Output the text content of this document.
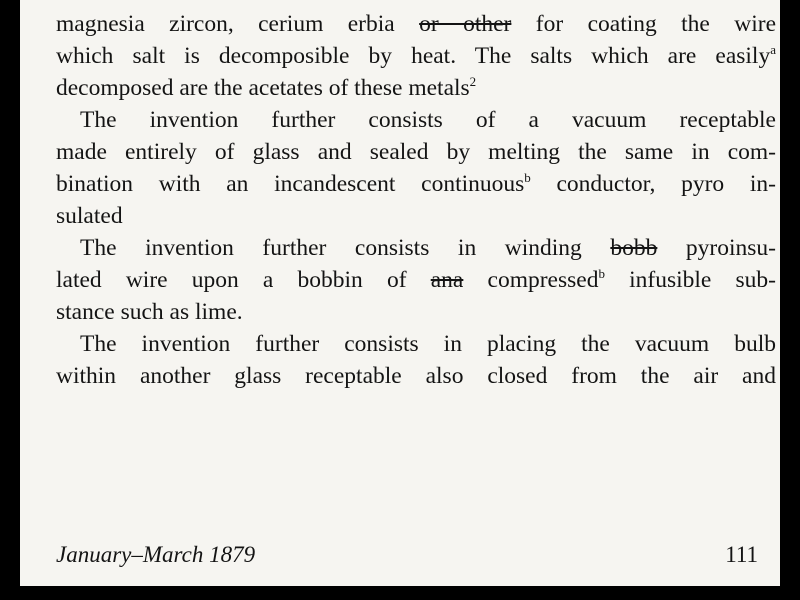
magnesia zircon, cerium erbia or other for coating the wire
which salt is decomposible by heat. The salts which are easily$^a$
decomposed are the acetates of these metals$^2$
The invention further consists of a vacuum receptable
made entirely of glass and sealed by melting the same in com-
bination with an incandescent continuous$^b$ conductor, pyro in-
sulated
The invention further consists in winding bobb pyroinsu-
lated wire upon a bobbin of ana compressed$^b$ infusible sub-
stance such as lime.
The invention further consists in placing the vacuum bulb
within another glass receptable also closed from the air and
January–March 1879	111
